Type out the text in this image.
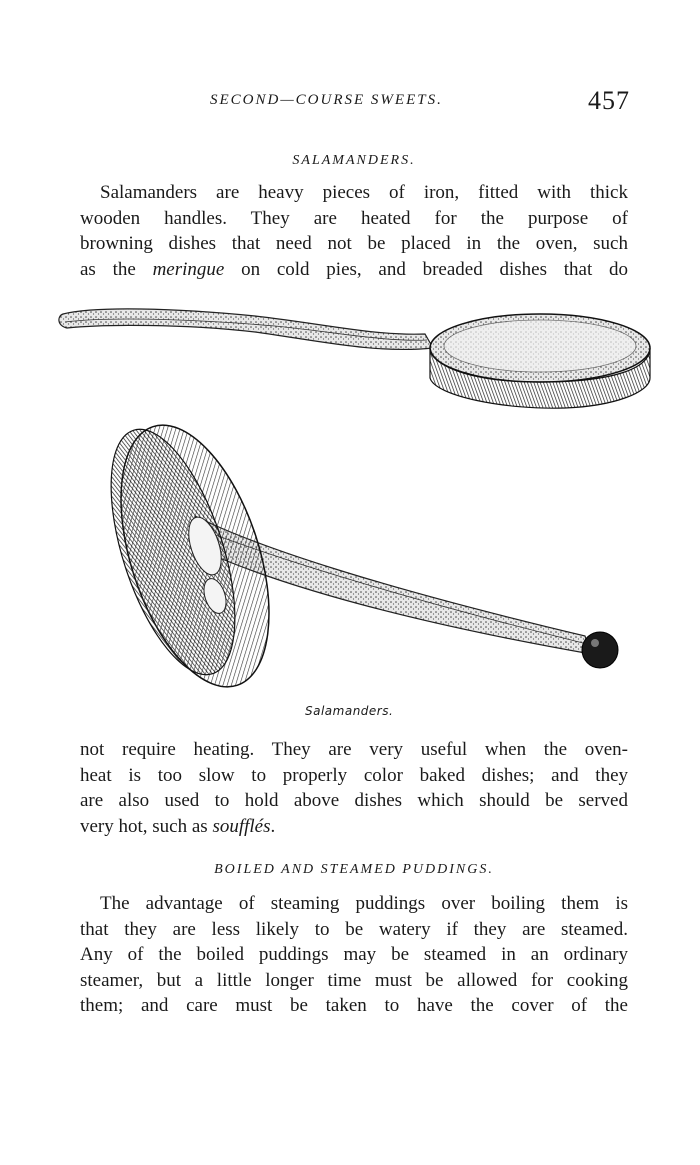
SECOND—COURSE SWEETS.	457
SALAMANDERS.

Salamanders are heavy pieces of iron, fitted with thick
wooden handles. They are heated for the purpose of
browning dishes that need not be placed in the oven, such
as the meringue on cold pies, and breaded dishes that do

Salamanders.

not require heating. They are very useful when the oven-
heat is too slow to properly color baked dishes; and they
are also used to hold above dishes which should be served
very hot, such as soufflés.

BOILED AND STEAMED PUDDINGS.

The advantage of steaming puddings over boiling them is
that they are less likely to be watery if they are steamed.
Any of the boiled puddings may be steamed in an ordinary
steamer, but a little longer time must be allowed for cooking
them; and care must be taken to have the cover of the
